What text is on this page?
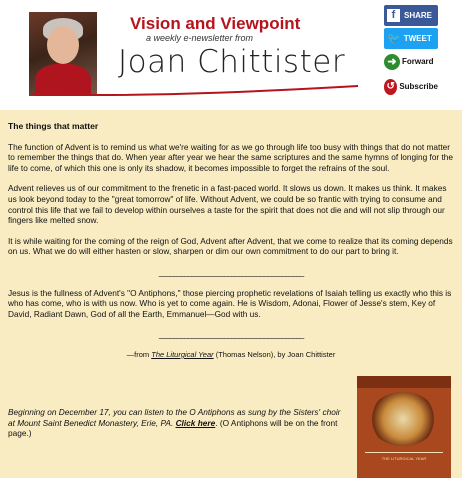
Vision and Viewpoint
a weekly e-newsletter from
Joan Chittister
f	SHARE
🐦 TWEET
➜ Forward
↺ Subscribe

The things that matter

The function of Advent is to remind us what we're waiting for as we go through life too busy with things that do not matter to remember the things that do. When year after year we hear the same scriptures and the same hymns of longing for the life to come, of which this one is only its shadow, it becomes impossible to forget the refrains of the soul.

Advent relieves us of our commitment to the frenetic in a fast-paced world. It slows us down. It makes us think. It makes us look beyond today to the "great tomorrow" of life. Without Advent, we could be so frantic with trying to consume and control this life that we fail to develop within ourselves a taste for the spirit that does not die and will not slip through our fingers like melted snow.

It is while waiting for the coming of the reign of God, Advent after Advent, that we come to realize that its coming depends on us. What we do will either hasten or slow, sharpen or dim our own commitment to do our part to bring it.

________________________________________

Jesus is the fullness of Advent's "O Antiphons," those piercing prophetic revelations of Isaiah telling us exactly who this is who has come, who is with us now. Who is yet to come again. He is Wisdom, Adonai, Flower of Jesse's stem, Key of David, Radiant Dawn, God of all the Earth, Emmanuel—God with us.

________________________________________

—from The Liturgical Year (Thomas Nelson), by Joan Chittister

Beginning on December 17, you can listen to the O Antiphons as sung by the Sisters' choir at Mount Saint Benedict Monastery, Erie, PA. Click here. (O Antiphons will be on the front page.)
THE LITURGICAL YEAR
